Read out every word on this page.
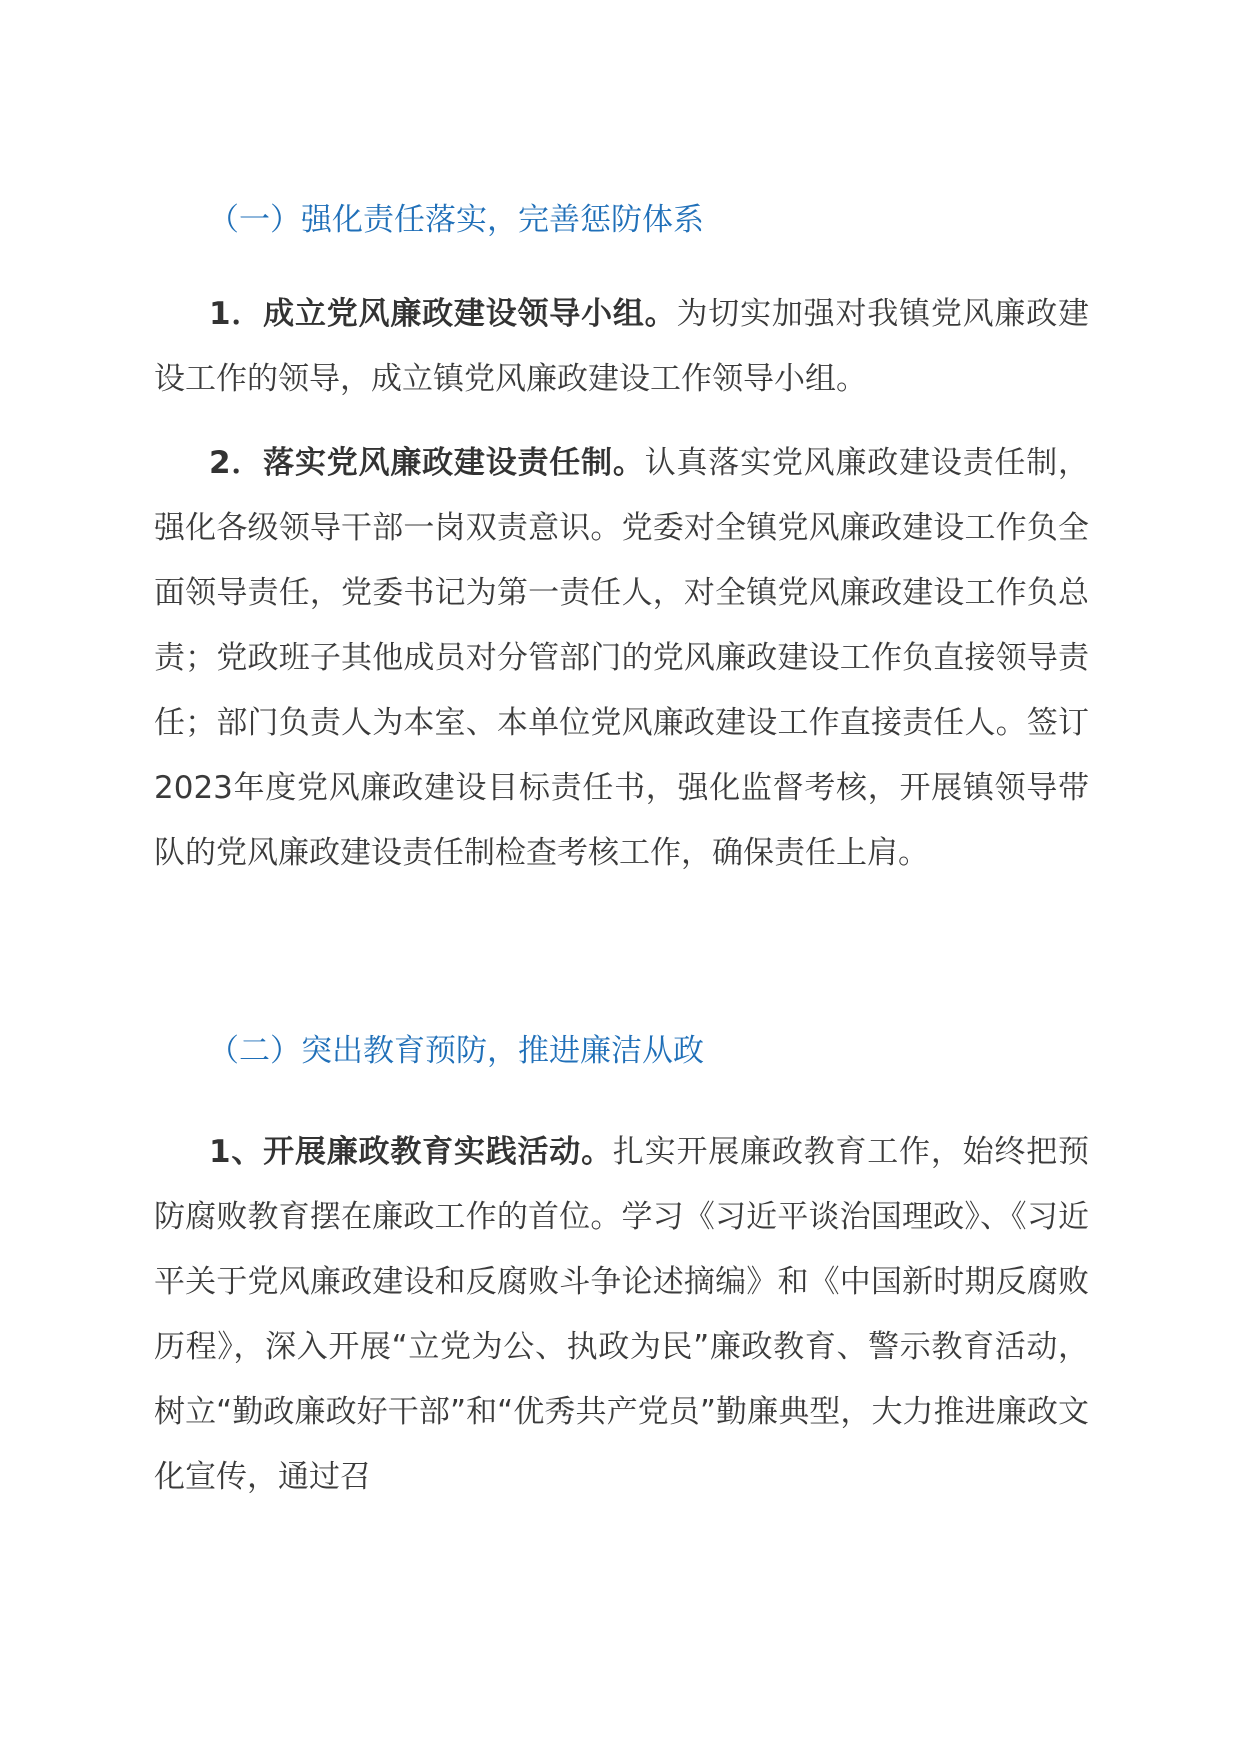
（一）强化责任落实，完善惩防体系

1．成立党风廉政建设领导小组。为切实加强对我镇党风廉政建设工作的领导，成立镇党风廉政建设工作领导小组。

2．落实党风廉政建设责任制。认真落实党风廉政建设责任制，强化各级领导干部一岗双责意识。党委对全镇党风廉政建设工作负全面领导责任，党委书记为第一责任人，对全镇党风廉政建设工作负总责；党政班子其他成员对分管部门的党风廉政建设工作负直接领导责任；部门负责人为本室、本单位党风廉政建设工作直接责任人。签订2023年度党风廉政建设目标责任书，强化监督考核，开展镇领导带队的党风廉政建设责任制检查考核工作，确保责任上肩。

（二）突出教育预防，推进廉洁从政

1、开展廉政教育实践活动。扎实开展廉政教育工作，始终把预防腐败教育摆在廉政工作的首位。学习《习近平谈治国理政》、《习近平关于党风廉政建设和反腐败斗争论述摘编》和《中国新时期反腐败历程》，深入开展“立党为公、执政为民”廉政教育、警示教育活动，树立“勤政廉政好干部”和“优秀共产党员”勤廉典型，大力推进廉政文化宣传，通过召
